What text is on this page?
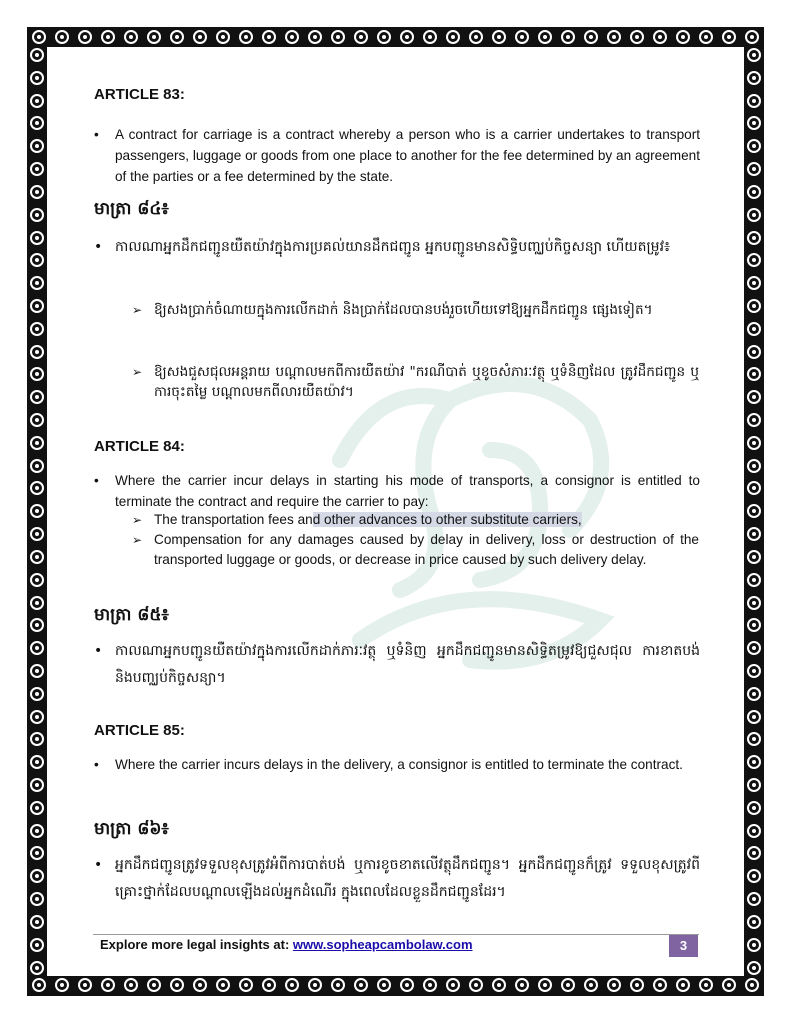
ARTICLE 83:
• A contract for carriage is a contract whereby a person who is a carrier undertakes to transport passengers, luggage or goods from one place to another for the fee determined by an agreement of the parties or a fee determined by the state.
មាត្រា ៨៤៖
• កាលណាអ្នកដឹកជញ្ជូនយឺតយ៉ាវក្នុងការប្រគល់យានដឹកជញ្ជូន អ្នកបញ្ជូនមានសិទ្ធិបញ្ឈប់កិច្ចសន្យា ហើយតម្រូវ៖
➢ ឱ្យសងប្រាក់ចំណាយក្នុងការលើកដាក់ និងប្រាក់ដែលបានបង់រួចហើយទៅឱ្យអ្នកដឹកជញ្ជូន ផ្សេងទៀត។
➢ ឱ្យសងជួសជុលអន្តរាយ បណ្តាលមកពីការយឺតយ៉ាវ "ករណីបាត់ ឬខូចសំភារៈវត្ថុ ឬទំនិញដែល ត្រូវដឹកជញ្ជូន ឬការចុះតម្លៃ បណ្តាលមកពីលារយឺតយ៉ាវ។
ARTICLE 84:
• Where the carrier incur delays in starting his mode of transports, a consignor is entitled to terminate the contract and require the carrier to pay:
➢ The transportation fees and other advances to other substitute carriers,
➢ Compensation for any damages caused by delay in delivery, loss or destruction of the transported luggage or goods, or decrease in price caused by such delivery delay.
មាត្រា ៨៥៖
• កាលណាអ្នកបញ្ជូនយឺតយ៉ាវក្នុងការលើកដាក់ភារៈវត្ថុ ឬទំនិញ អ្នកដឹកជញ្ជូនមានសិទ្ធិតម្រូវឱ្យជួសជុល ការខាតបង់ និងបញ្ឈប់កិច្ចសន្យា។
ARTICLE 85:
• Where the carrier incurs delays in the delivery, a consignor is entitled to terminate the contract.
មាត្រា ៨៦៖
• អ្នកដឹកជញ្ជូនត្រូវទទួលខុសត្រូវអំពីការបាត់បង់ ឬការខូចខាតលើវត្ថុដឹកជញ្ជូន។ អ្នកដឹកជញ្ជូនក៏ត្រូវ ទទួលខុសត្រូវពីគ្រោះថ្នាក់ដែលបណ្តាលឡើងដល់អ្នកដំណើរ ក្នុងពេលដែលខ្លួនដឹកជញ្ជូនដែរ។
Explore more legal insights at: www.sopheapcambolaw.com	3
